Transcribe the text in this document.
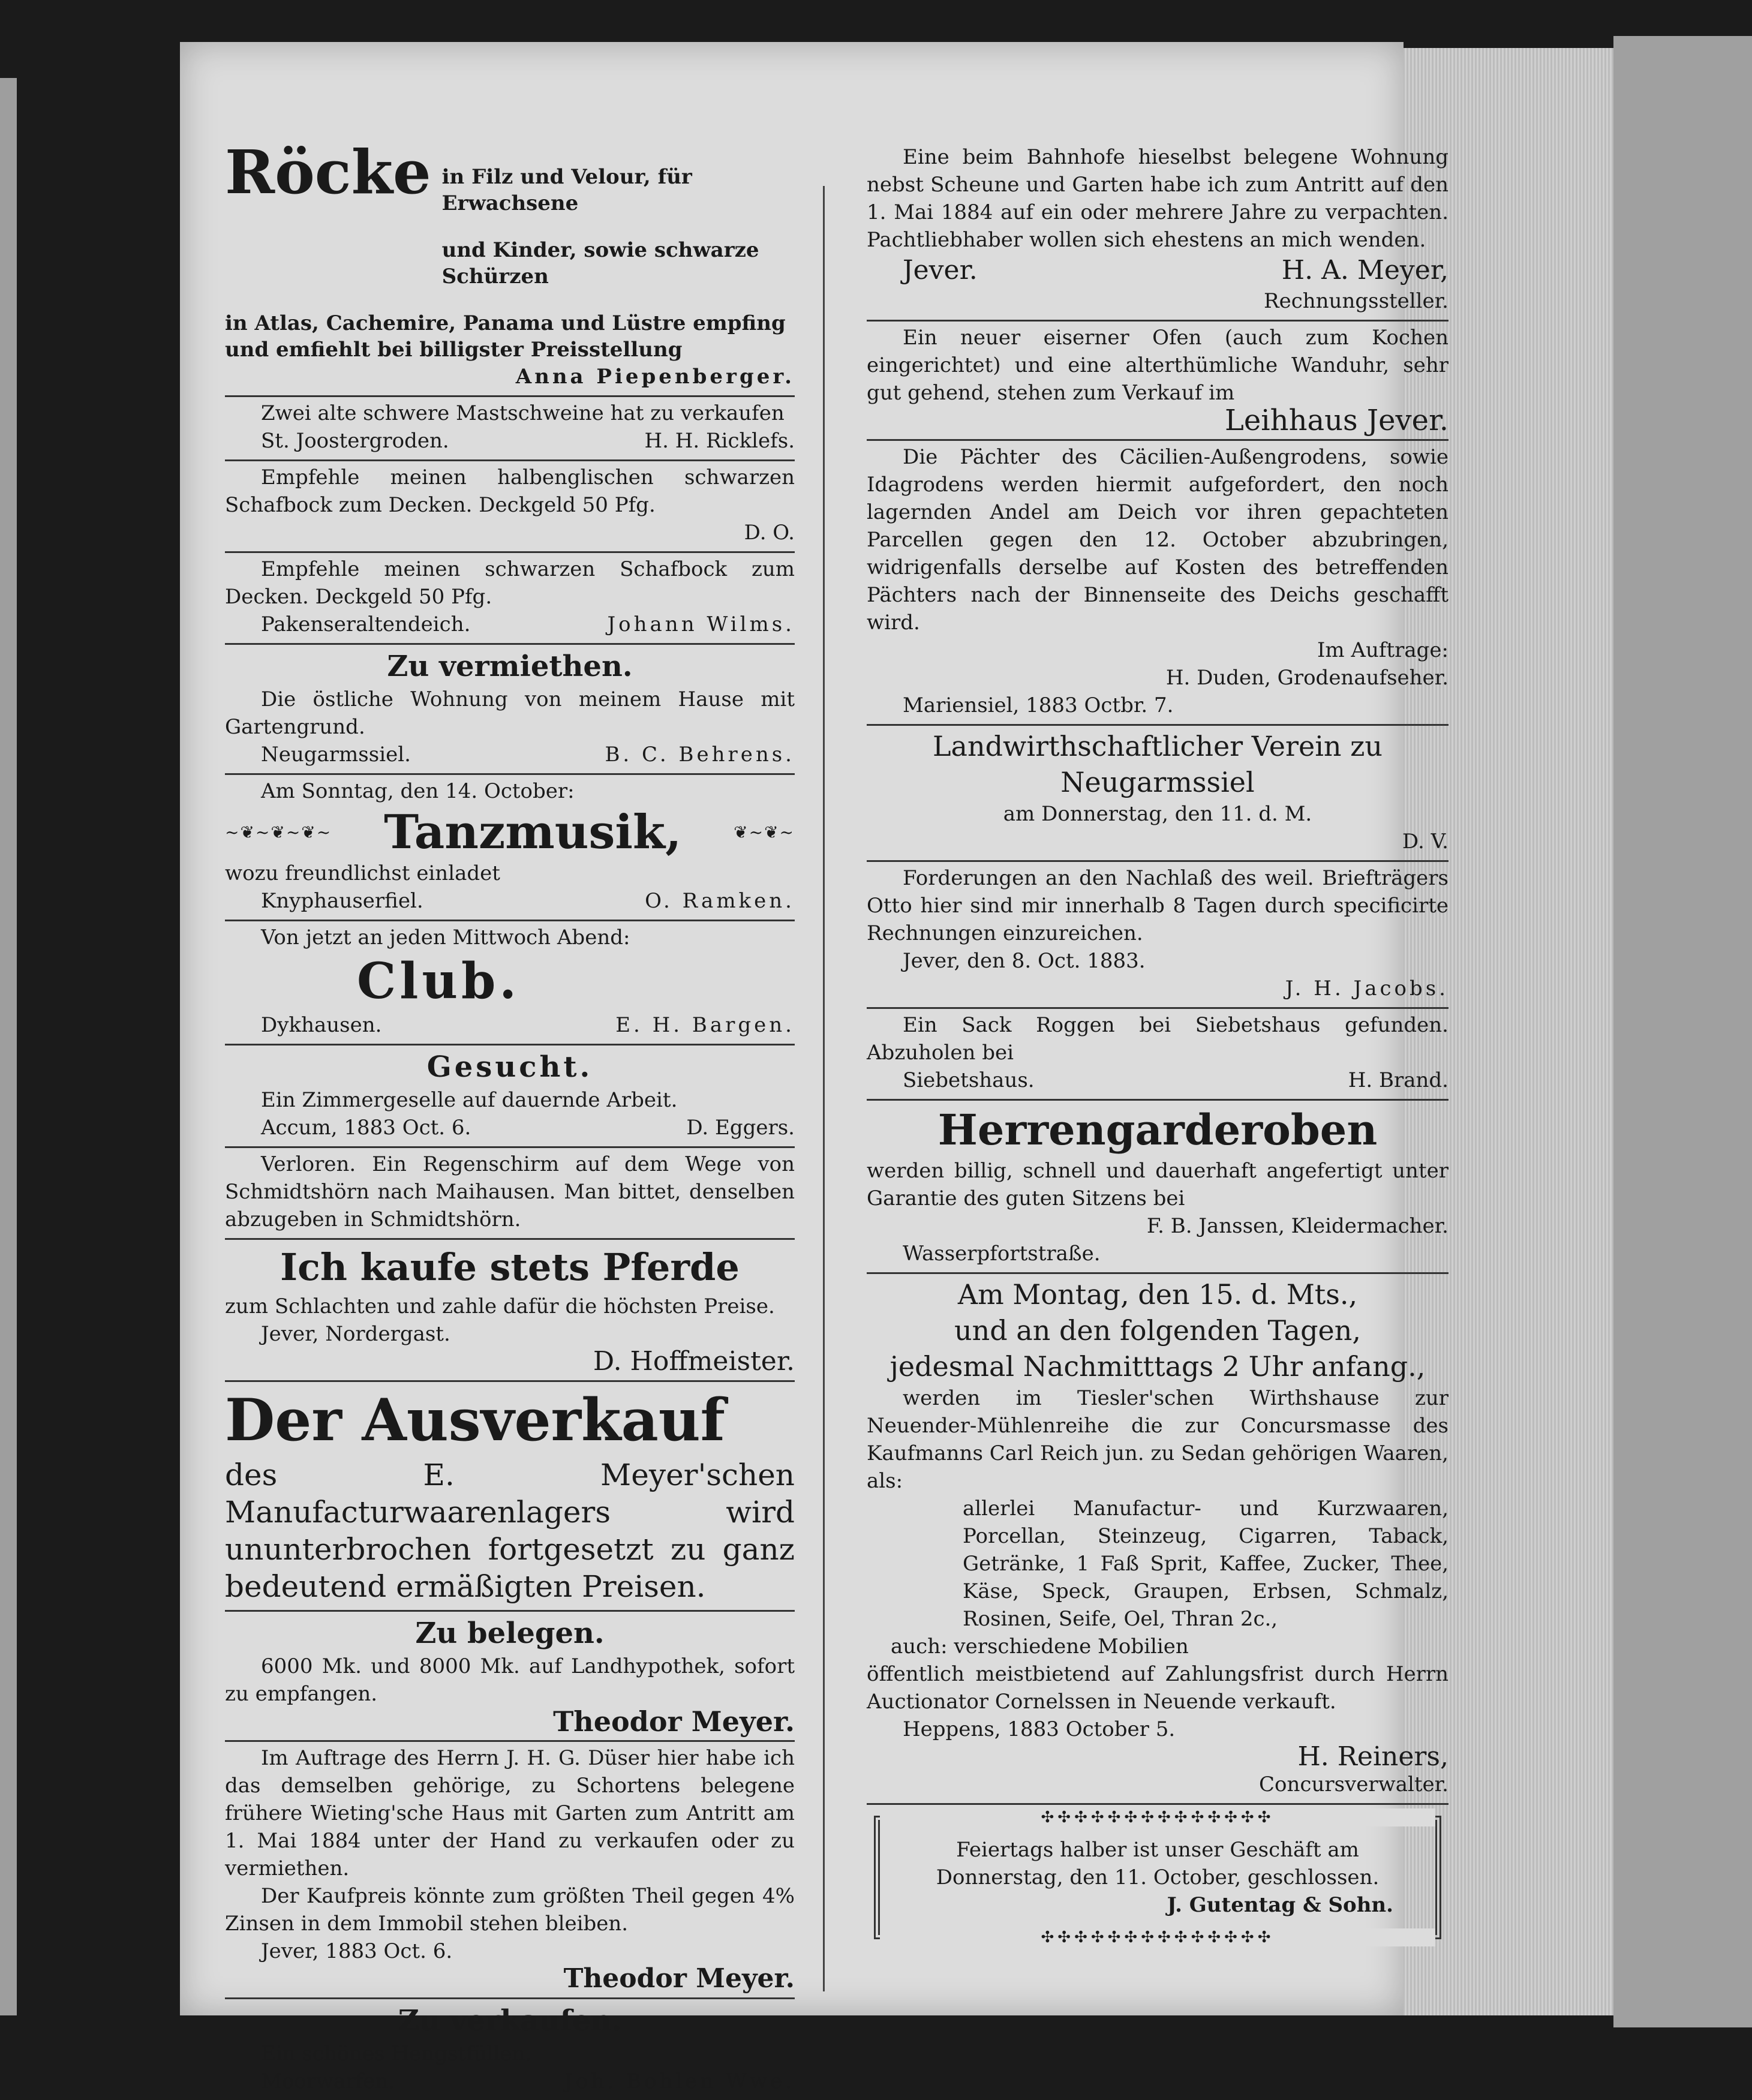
Röcke in Filz und Velour, für Erwachsene

und Kinder, sowie schwarze Schürzen

in Atlas, Cachemire, Panama und Lüstre empfing

und emfiehlt bei billigster Preisstellung

Anna Piepenberger.

Zwei alte schwere Mastschweine hat zu verkaufen

St. Joostergroden.	H. H. Ricklefs.

Empfehle meinen halbenglischen schwarzen Schafbock zum Decken. Deckgeld 50 Pfg.

D. O.

Empfehle meinen schwarzen Schafbock zum Decken. Deckgeld 50 Pfg.

Pakenseraltendeich.	Johann Wilms.

Zu vermiethen.

Die östliche Wohnung von meinem Hause mit Gartengrund.

Neugarmssiel.	B. C. Behrens.

Am Sonntag, den 14. October:

~❦~❦~❦~ Tanzmusik,	❦~❦~

wozu freundlichst einladet

Knyphauserfiel.	O. Ramken.

Von jetzt an jeden Mittwoch Abend:

Club.

Dykhausen.	E. H. Bargen.

Gesucht.

Ein Zimmergeselle auf dauernde Arbeit.

Accum, 1883 Oct. 6.	D. Eggers.

Verloren. Ein Regenschirm auf dem Wege von Schmidtshörn nach Maihausen. Man bittet, denselben abzugeben in Schmidtshörn.

Ich kaufe stets Pferde

zum Schlachten und zahle dafür die höchsten Preise.

Jever, Nordergast.

D. Hoffmeister.

Der Ausverkauf

des E. Meyer'schen Manufacturwaarenlagers wird ununterbrochen fortgesetzt zu ganz bedeutend ermäßigten Preisen.

Zu belegen.

6000 Mk. und 8000 Mk. auf Landhypothek, sofort zu empfangen.

Theodor Meyer.

Im Auftrage des Herrn J. H. G. Düser hier habe ich das demselben gehörige, zu Schortens belegene frühere Wieting'sche Haus mit Garten zum Antritt am 1. Mai 1884 unter der Hand zu verkaufen oder zu vermiethen.

Der Kaufpreis könnte zum größten Theil gegen 4% Zinsen in dem Immobil stehen bleiben.

Jever, 1883 Oct. 6.

Theodor Meyer.

Zu verkaufen.

Ein schönes Hengstfüllen.

Moorwarfen.	Joh. Bohlen Wwe.

Eine beim Bahnhofe hieselbst belegene Wohnung nebst Scheune und Garten habe ich zum Antritt auf den 1. Mai 1884 auf ein oder mehrere Jahre zu verpachten. Pachtliebhaber wollen sich ehestens an mich wenden.

Jever.	H. A. Meyer,
Rechnungssteller.

Ein neuer eiserner Ofen (auch zum Kochen eingerichtet) und eine alterthümliche Wanduhr, sehr gut gehend, stehen zum Verkauf im

Leihhaus Jever.

Die Pächter des Cäcilien-Außengrodens, sowie Idagrodens werden hiermit aufgefordert, den noch lagernden Andel am Deich vor ihren gepachteten Parcellen gegen den 12. October abzubringen, widrigenfalls derselbe auf Kosten des betreffenden Pächters nach der Binnenseite des Deichs geschafft wird.

Im Auftrage:
H. Duden, Grodenaufseher.

Mariensiel, 1883 Octbr. 7.

Landwirthschaftlicher Verein zu

Neugarmssiel

am Donnerstag, den 11. d. M.

D. V.

Forderungen an den Nachlaß des weil. Briefträgers Otto hier sind mir innerhalb 8 Tagen durch specificirte Rechnungen einzureichen.

Jever, den 8. Oct. 1883.

J. H. Jacobs.

Ein Sack Roggen bei Siebetshaus gefunden. Abzuholen bei

Siebetshaus.	H. Brand.

Herrengarderoben

werden billig, schnell und dauerhaft angefertigt unter Garantie des guten Sitzens bei

F. B. Janssen, Kleidermacher.

Wasserpfortstraße.

Am Montag, den 15. d. Mts.,

und an den folgenden Tagen,

jedesmal Nachmitttags 2 Uhr anfang.,

werden im Tiesler'schen Wirthshause zur Neuender-Mühlenreihe die zur Concursmasse des Kaufmanns Carl Reich jun. zu Sedan gehörigen Waaren, als:

allerlei Manufactur- und Kurzwaaren, Porcellan, Steinzeug, Cigarren, Taback, Getränke, 1 Faß Sprit, Kaffee, Zucker, Thee, Käse, Speck, Graupen, Erbsen, Schmalz, Rosinen, Seife, Oel, Thran 2c.,

auch: verschiedene Mobilien

öffentlich meistbietend auf Zahlungsfrist durch Herrn Auctionator Cornelssen in Neuende verkauft.

Heppens, 1883 October 5.

H. Reiners,
Concursverwalter.
✣✣✣✣✣✣✣✣✣✣✣✣✣✣

Feiertags halber ist unser Geschäft am

Donnerstag, den 11. October, geschlossen.

J. Gutentag & Sohn.
✣✣✣✣✣✣✣✣✣✣✣✣✣✣
